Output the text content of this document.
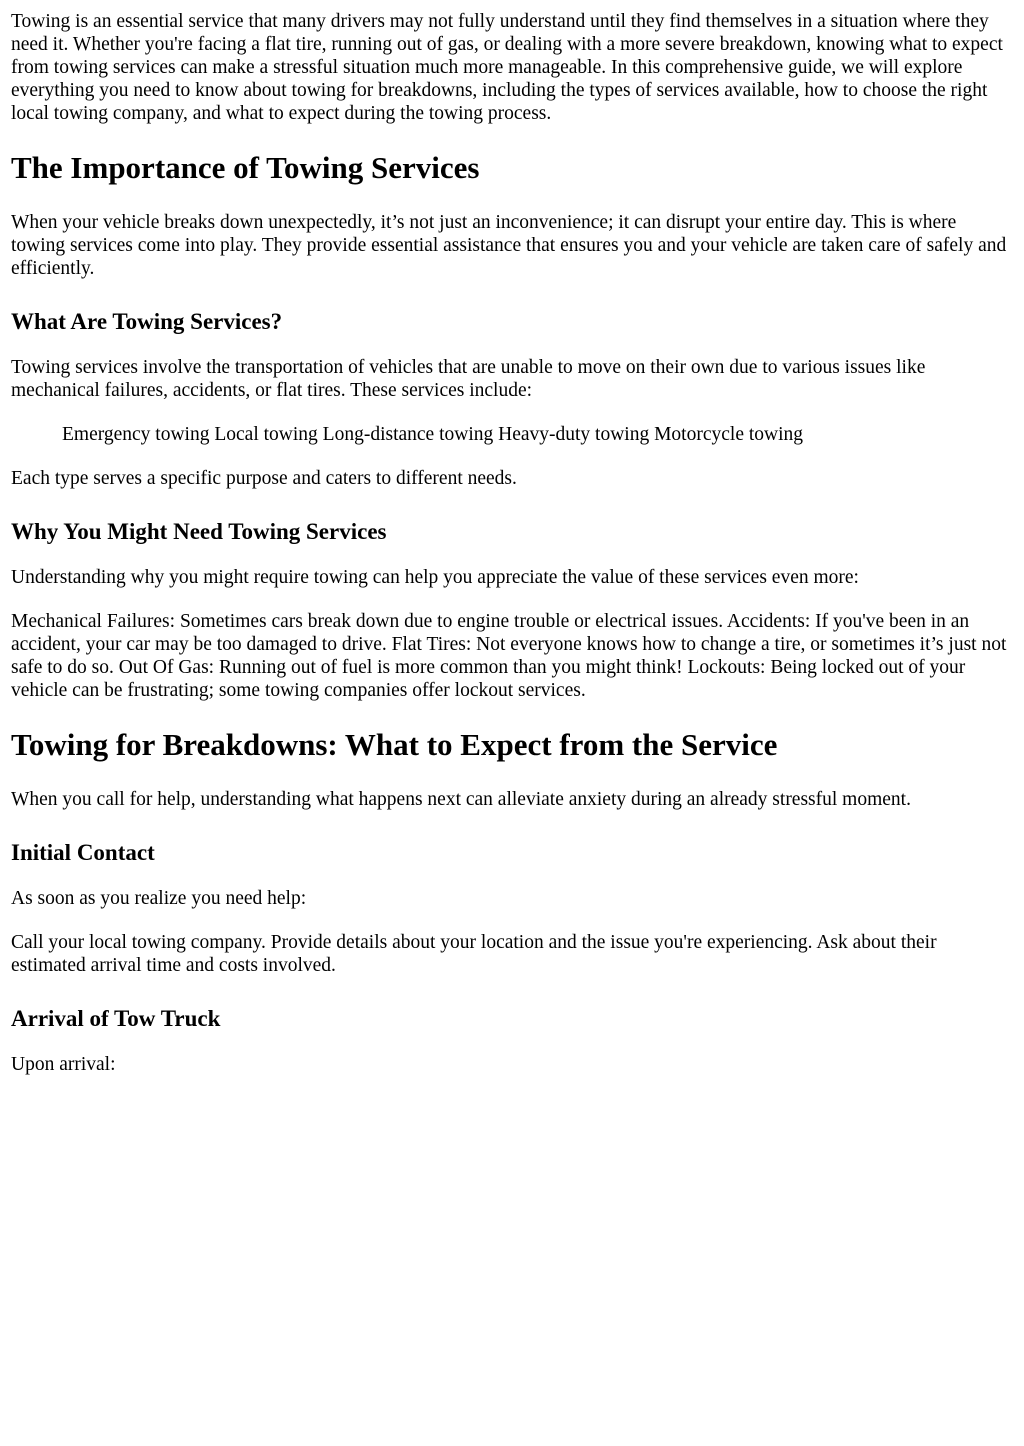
Towing is an essential service that many drivers may not fully understand until they find themselves in a situation where they need it. Whether you're facing a flat tire, running out of gas, or dealing with a more severe breakdown, knowing what to expect from towing services can make a stressful situation much more manageable. In this comprehensive guide, we will explore everything you need to know about towing for breakdowns, including the types of services available, how to choose the right local towing company, and what to expect during the towing process.

The Importance of Towing Services

When your vehicle breaks down unexpectedly, it’s not just an inconvenience; it can disrupt your entire day. This is where towing services come into play. They provide essential assistance that ensures you and your vehicle are taken care of safely and efficiently.

What Are Towing Services?

Towing services involve the transportation of vehicles that are unable to move on their own due to various issues like mechanical failures, accidents, or flat tires. These services include:

Emergency towing Local towing Long-distance towing Heavy-duty towing Motorcycle towing

Each type serves a specific purpose and caters to different needs.

Why You Might Need Towing Services

Understanding why you might require towing can help you appreciate the value of these services even more:

Mechanical Failures: Sometimes cars break down due to engine trouble or electrical issues. Accidents: If you've been in an accident, your car may be too damaged to drive. Flat Tires: Not everyone knows how to change a tire, or sometimes it’s just not safe to do so. Out Of Gas: Running out of fuel is more common than you might think! Lockouts: Being locked out of your vehicle can be frustrating; some towing companies offer lockout services.

Towing for Breakdowns: What to Expect from the Service

When you call for help, understanding what happens next can alleviate anxiety during an already stressful moment.

Initial Contact

As soon as you realize you need help:

Call your local towing company. Provide details about your location and the issue you're experiencing. Ask about their estimated arrival time and costs involved.

Arrival of Tow Truck

Upon arrival:
